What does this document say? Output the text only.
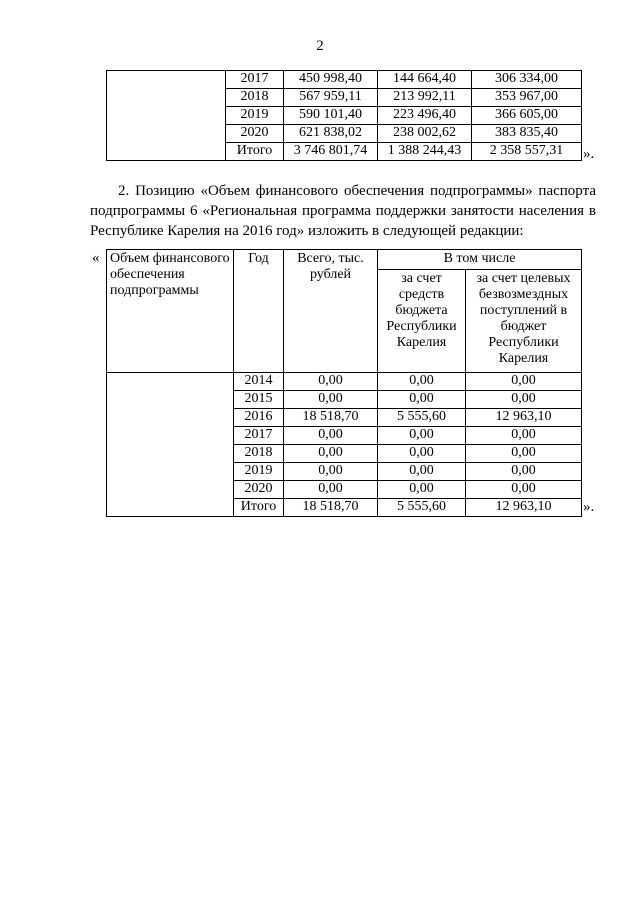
2
	2017	450 998,40	144 664,40	306 334,00
	2018	567 959,11	213 992,11	353 967,00
	2019	590 101,40	223 496,40	366 605,00
	2020	621 838,02	238 002,62	383 835,40
	Итого	3 746 801,74	1 388 244,43	2 358 557,31 ».
2. Позицию «Объем финансового обеспечения подпрограммы» паспорта подпрограммы 6 «Региональная программа поддержки занятости населения в Республике Карелия на 2016 год» изложить в следующей редакции:
« Объем финансового обеспечения подпрограммы	Год	Всего, тыс. рублей	В том числе	
			за счет средств бюджета Республики Карелия	за счет целевых безвозмездных поступлений в бюджет Республики Карелия
	2014	0,00	0,00	0,00
	2015	0,00	0,00	0,00
	2016	18 518,70	5 555,60	12 963,10
	2017	0,00	0,00	0,00
	2018	0,00	0,00	0,00
	2019	0,00	0,00	0,00
	2020	0,00	0,00	0,00
	Итого	18 518,70	5 555,60	12 963,10 ».
